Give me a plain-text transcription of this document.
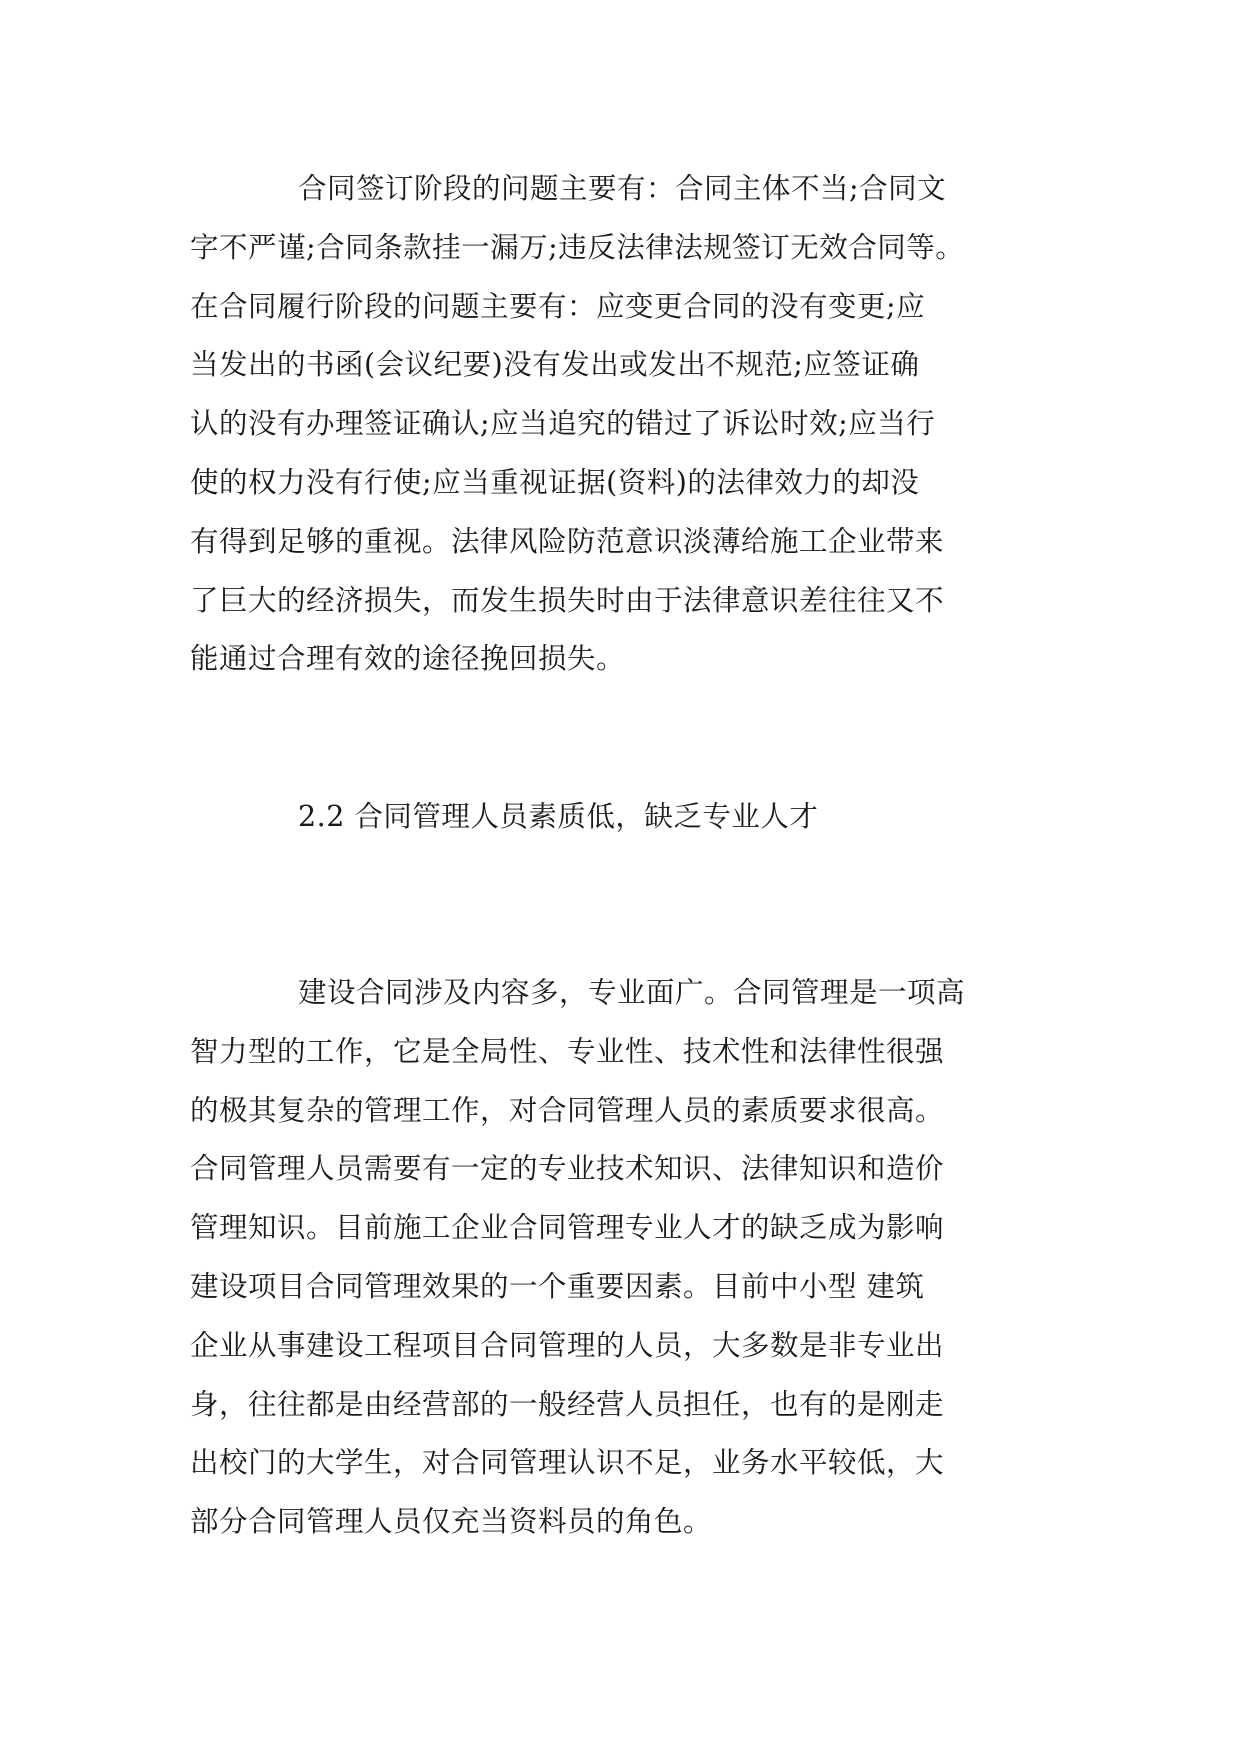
合同签订阶段的问题主要有：合同主体不当;合同文
字不严谨;合同条款挂一漏万;违反法律法规签订无效合同等。
在合同履行阶段的问题主要有：应变更合同的没有变更;应
当发出的书函(会议纪要)没有发出或发出不规范;应签证确
认的没有办理签证确认;应当追究的错过了诉讼时效;应当行
使的权力没有行使;应当重视证据(资料)的法律效力的却没
有得到足够的重视。法律风险防范意识淡薄给施工企业带来
了巨大的经济损失，而发生损失时由于法律意识差往往又不
能通过合理有效的途径挽回损失。
2.2 合同管理人员素质低，缺乏专业人才
建设合同涉及内容多，专业面广。合同管理是一项高
智力型的工作，它是全局性、专业性、技术性和法律性很强
的极其复杂的管理工作，对合同管理人员的素质要求很高。
合同管理人员需要有一定的专业技术知识、法律知识和造价
管理知识。目前施工企业合同管理专业人才的缺乏成为影响
建设项目合同管理效果的一个重要因素。目前中小型 建筑
企业从事建设工程项目合同管理的人员，大多数是非专业出
身，往往都是由经营部的一般经营人员担任，也有的是刚走
出校门的大学生，对合同管理认识不足，业务水平较低，大
部分合同管理人员仅充当资料员的角色。
